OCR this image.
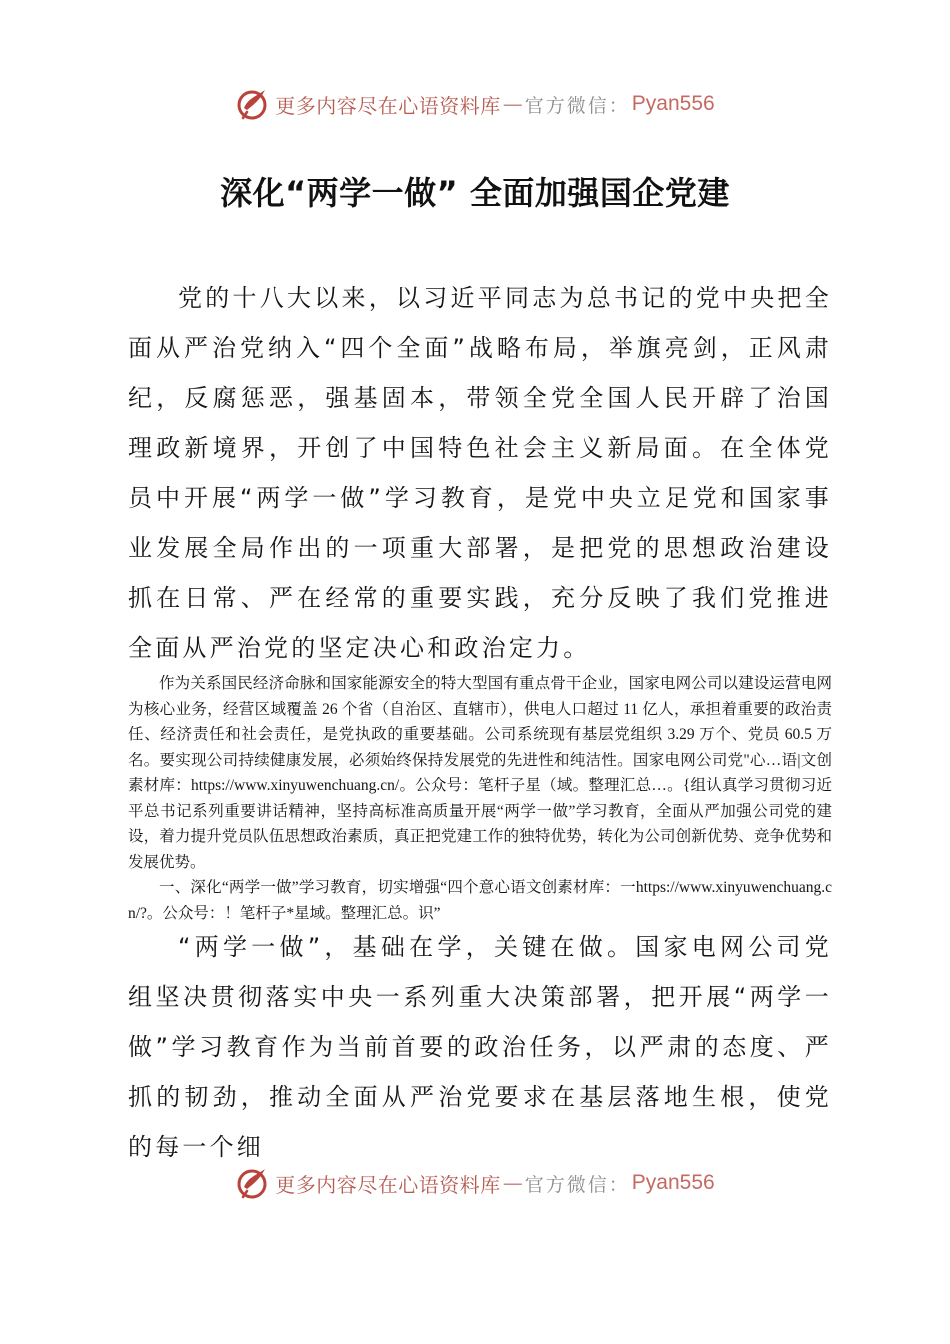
更多内容尽在心语资料库 — 官方微信： Pyan556
深化“两学一做” 全面加强国企党建

党的十八大以来，以习近平同志为总书记的党中央把全面从严治党纳入“四个全面”战略布局，举旗亮剑，正风肃纪，反腐惩恶，强基固本，带领全党全国人民开辟了治国理政新境界，开创了中国特色社会主义新局面。在全体党员中开展“两学一做”学习教育，是党中央立足党和国家事业发展全局作出的一项重大部署，是把党的思想政治建设抓在日常、严在经常的重要实践，充分反映了我们党推进全面从严治党的坚定决心和政治定力。

作为关系国民经济命脉和国家能源安全的特大型国有重点骨干企业，国家电网公司以建设运营电网为核心业务，经营区域覆盖 26 个省（自治区、直辖市），供电人口超过 11 亿人，承担着重要的政治责任、经济责任和社会责任，是党执政的重要基础。公司系统现有基层党组织 3.29 万个、党员 60.5 万名。要实现公司持续健康发展，必须始终保持发展党的先进性和纯洁性。国家电网公司党"心…语|文创素材库：https://www.xinyuwenchuang.cn/。公众号：笔杆子星（域。整理汇总…。{组认真学习贯彻习近平总书记系列重要讲话精神，坚持高标准高质量开展“两学一做”学习教育，全面从严加强公司党的建设，着力提升党员队伍思想政治素质，真正把党建工作的独特优势，转化为公司创新优势、竞争优势和发展优势。

一、深化“两学一做”学习教育，切实增强“四个意心语文创素材库：一https://www.xinyuwenchuang.cn/?。公众号：！笔杆子*星域。整理汇总。识”

“两学一做”，基础在学，关键在做。国家电网公司党组坚决贯彻落实中央一系列重大决策部署，把开展“两学一做”学习教育作为当前首要的政治任务，以严肃的态度、严抓的韧劲，推动全面从严治党要求在基层落地生根，使党的每一个细

更多内容尽在心语资料库 — 官方微信： Pyan556
